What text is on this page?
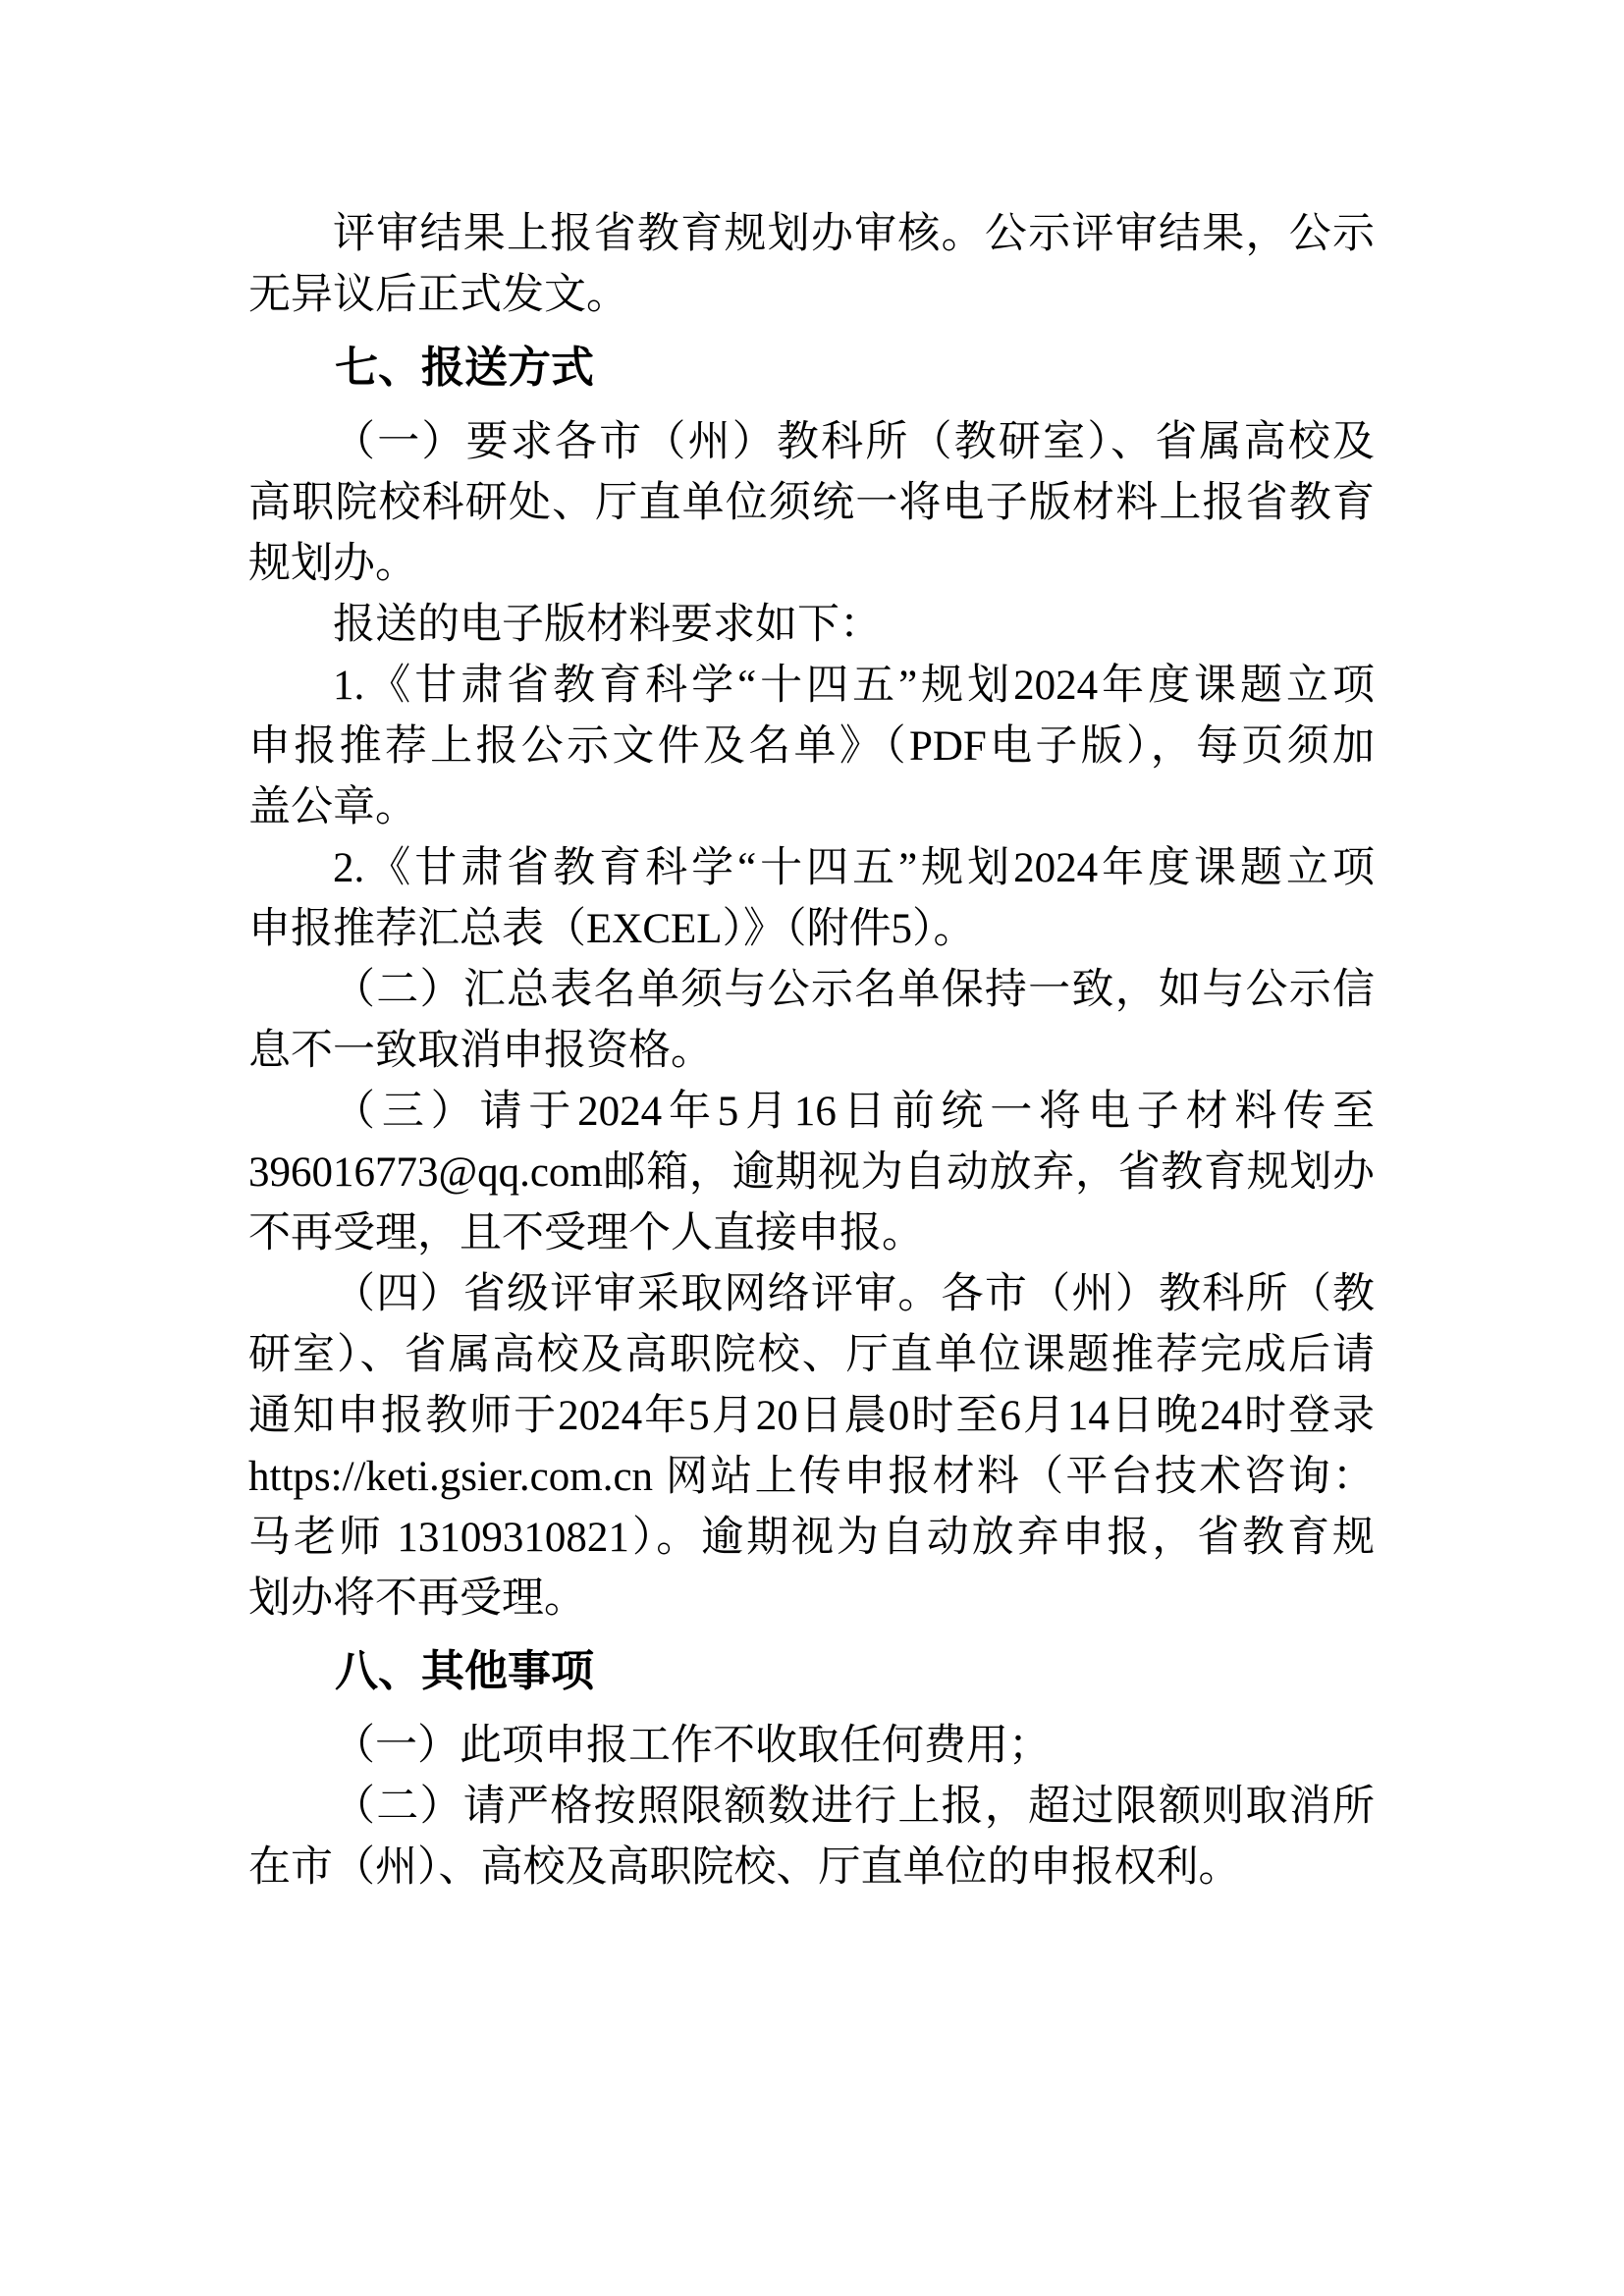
评审结果上报省教育规划办审核。公示评审结果，公示

无异议后正式发文。

七、报送方式

（一）要求各市（州）教科所（教研室）、省属高校及

高职院校科研处、厅直单位须统一将电子版材料上报省教育

规划办。

报送的电子版材料要求如下：

1.《甘肃省教育科学“十四五”规划2024年度课题立项

申报推荐上报公示文件及名单》（PDF电子版），每页须加

盖公章。

2.《甘肃省教育科学“十四五”规划2024年度课题立项

申报推荐汇总表（EXCEL）》（附件5）。

（二）汇总表名单须与公示名单保持一致，如与公示信

息不一致取消申报资格。

（三）请于2024年5月16日前统一将电子材料传至

396016773@qq.com邮箱，逾期视为自动放弃，省教育规划办

不再受理，且不受理个人直接申报。

（四）省级评审采取网络评审。各市（州）教科所（教

研室）、省属高校及高职院校、厅直单位课题推荐完成后请

通知申报教师于2024年5月20日晨0时至6月14日晚24时登录

https://keti.gsier.com.cn 网站上传申报材料（平台技术咨询：

马老师 13109310821）。逾期视为自动放弃申报，省教育规

划办将不再受理。

八、其他事项

（一）此项申报工作不收取任何费用；

（二）请严格按照限额数进行上报，超过限额则取消所

在市（州）、高校及高职院校、厅直单位的申报权利。
